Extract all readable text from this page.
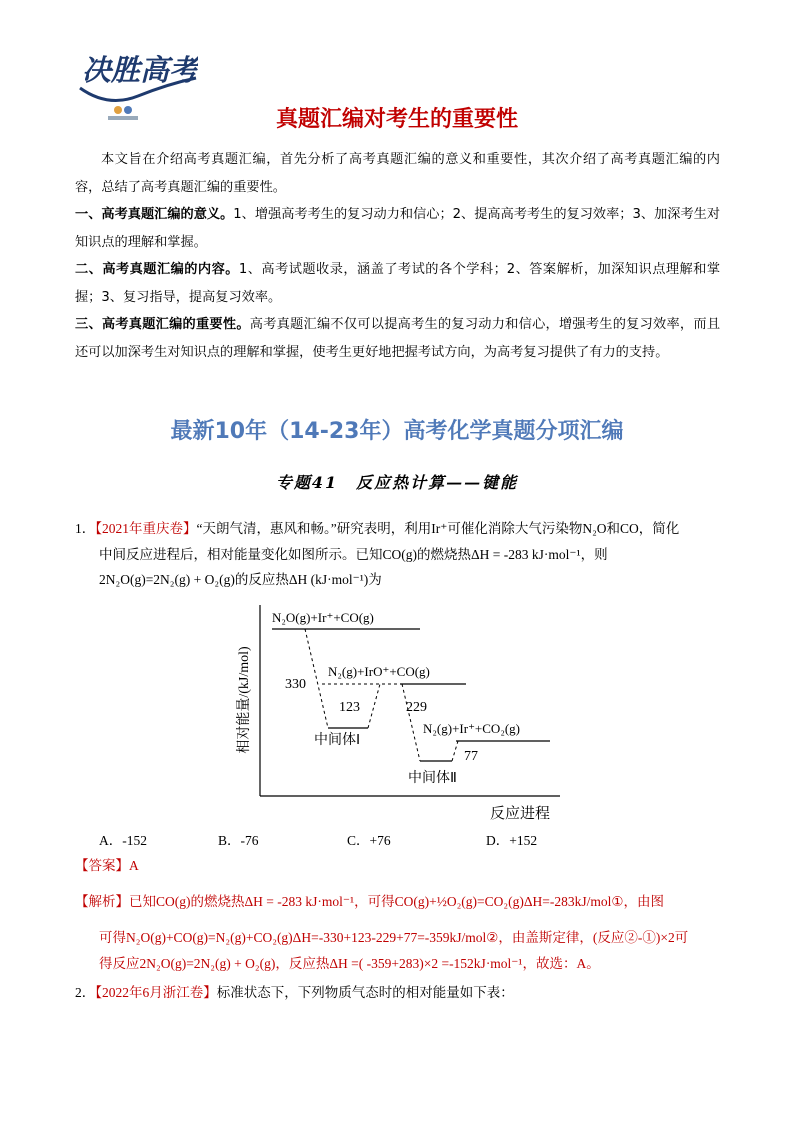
决胜高考
真题汇编对考生的重要性
本文旨在介绍高考真题汇编，首先分析了高考真题汇编的意义和重要性，其次介绍了高考真题汇编的内容，总结了高考真题汇编的重要性。
一、高考真题汇编的意义。1、增强高考考生的复习动力和信心；2、提高高考考生的复习效率；3、加深考生对知识点的理解和掌握。
二、高考真题汇编的内容。1、高考试题收录，涵盖了考试的各个学科；2、答案解析，加深知识点理解和掌握；3、复习指导，提高复习效率。
三、高考真题汇编的重要性。高考真题汇编不仅可以提高考生的复习动力和信心，增强考生的复习效率，而且还可以加深考生对知识点的理解和掌握，使考生更好地把握考试方向，为高考复习提供了有力的支持。
最新10年（14-23年）高考化学真题分项汇编
专题41　反应热计算——键能
1．【2021年重庆卷】“天朗气清，惠风和畅。”研究表明，利用Ir⁺可催化消除大气污染物N₂O和CO，简化
中间反应进程后，相对能量变化如图所示。已知CO(g)的燃烧热ΔH = -283 kJ·mol⁻¹，则
2N₂O(g)=2N₂(g) + O₂(g)的反应热ΔH (kJ·mol⁻¹)为
相对能量/(kJ/mol)
反应进程
N₂O(g)+Ir⁺+CO(g)
中间体Ⅰ
N₂(g)+IrO⁺+CO(g)
中间体Ⅱ
N₂(g)+Ir⁺+CO₂(g)
330
123	229
77
A．-152	B．-76	C．+76	D．+152
【答案】A
【解析】已知CO(g)的燃烧热ΔH = -283 kJ·mol⁻¹，可得CO(g)+½O₂(g)=CO₂(g)ΔH=-283kJ/mol①，由图
可得N₂O(g)+CO(g)=N₂(g)+CO₂(g)ΔH=-330+123-229+77=-359kJ/mol②，由盖斯定律，(反应②-①)×2可
得反应2N₂O(g)=2N₂(g) + O₂(g)，反应热ΔH =( -359+283)×2 =-152kJ·mol⁻¹，故选：A。
2．【2022年6月浙江卷】标准状态下，下列物质气态时的相对能量如下表：
